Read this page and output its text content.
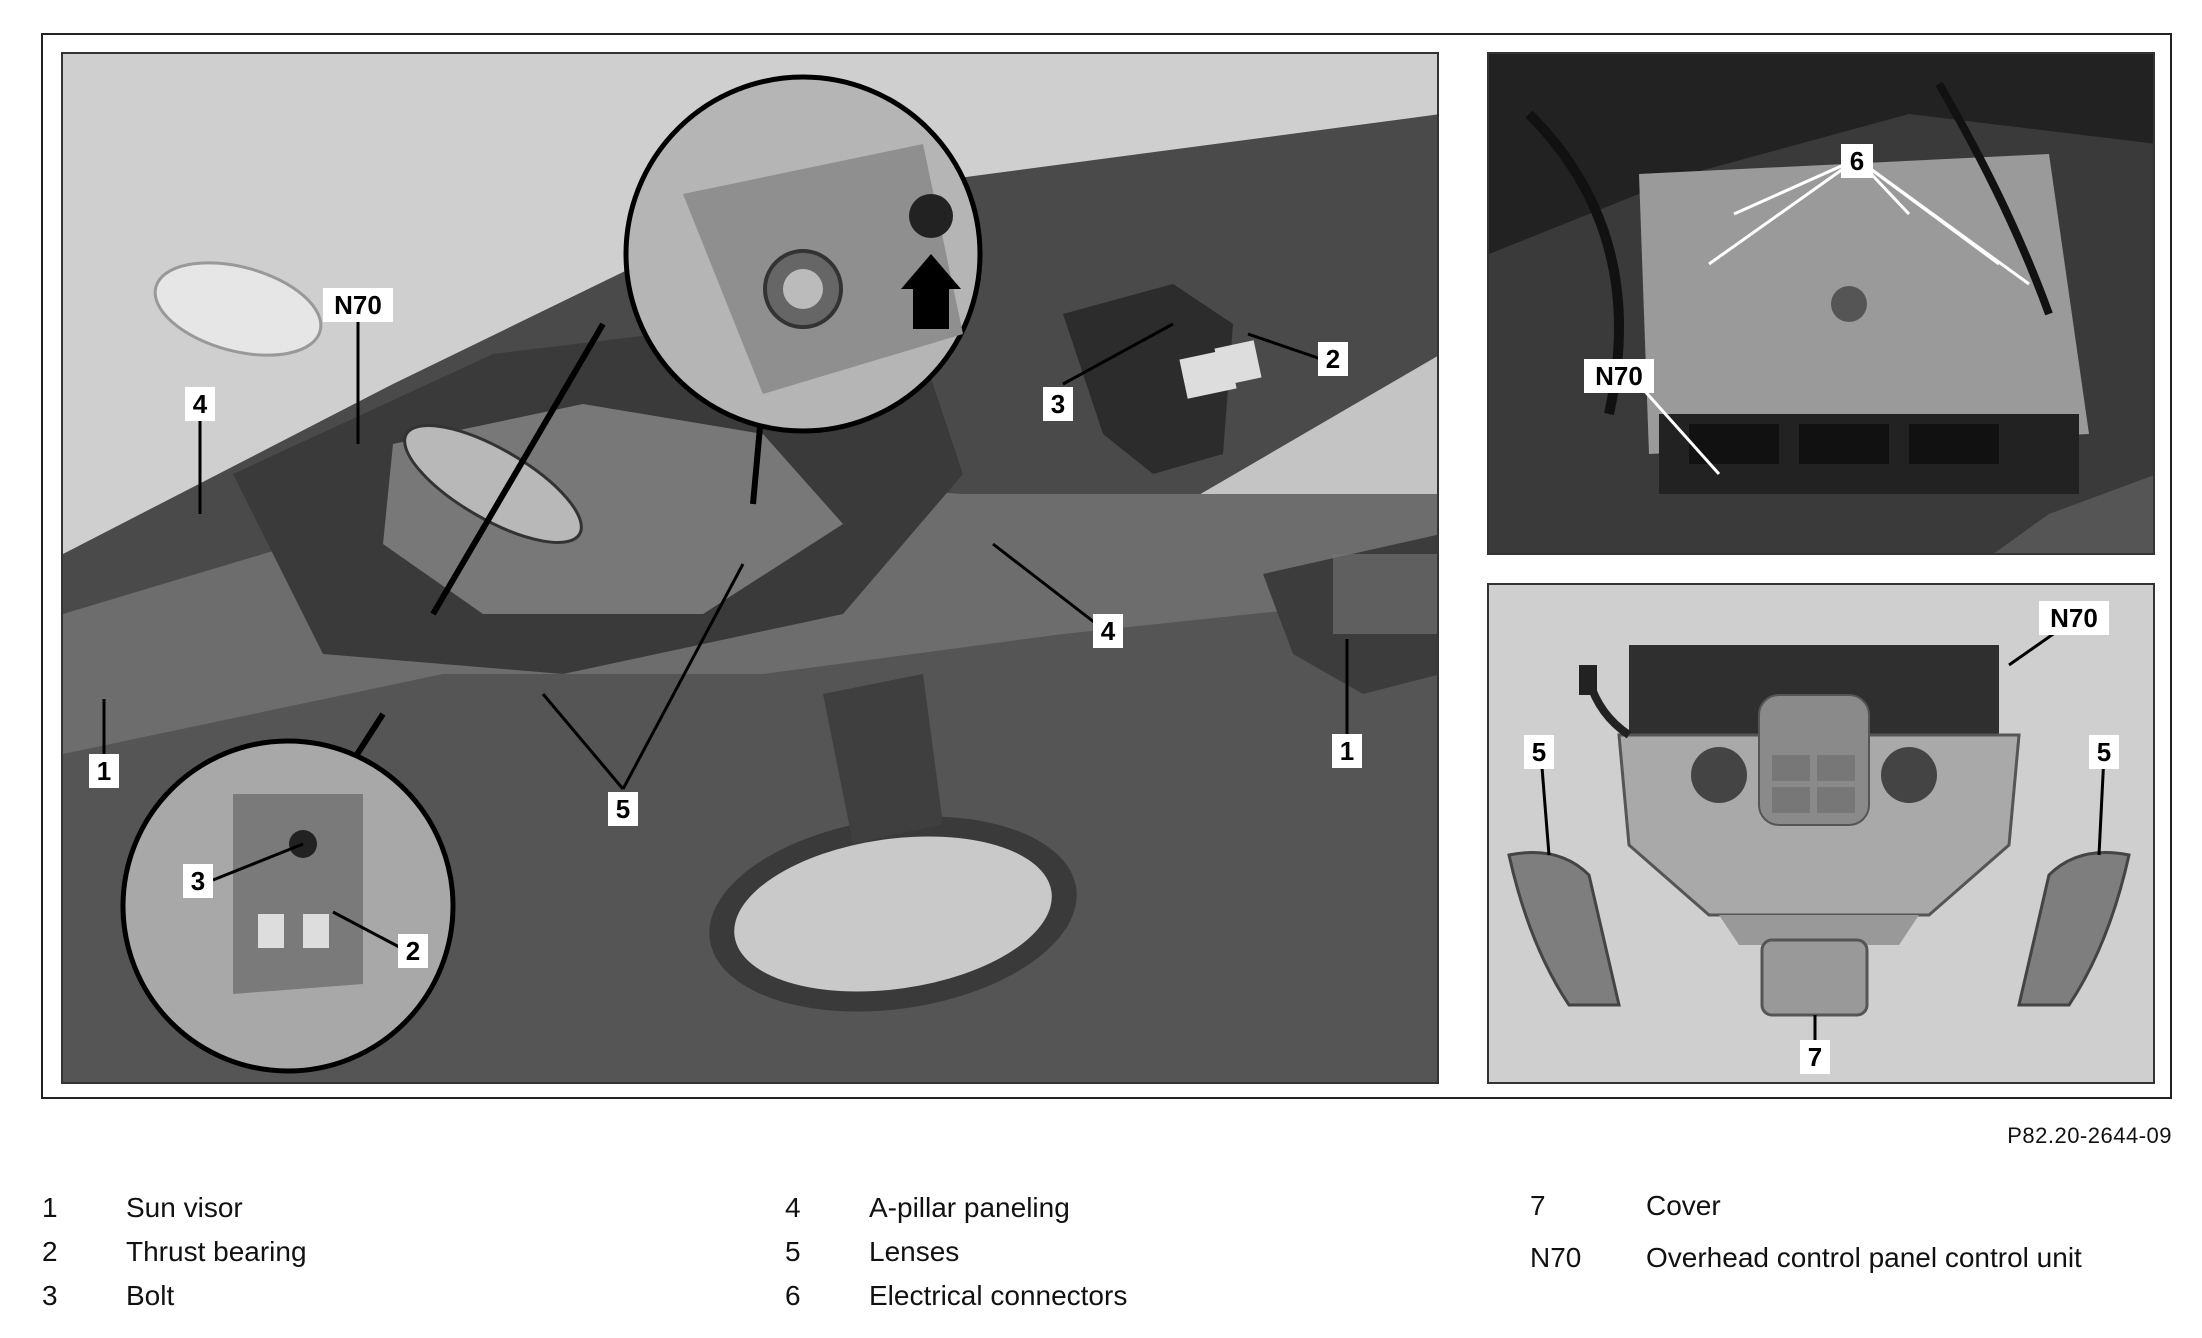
N70
4
1
2
3
4
1
5
3
2
6
N70
N70
5	5
7
P82.20-2644-09
1	Sun visor
2	Thrust bearing
3	Bolt
4	A-pillar paneling
5	Lenses
6	Electrical connectors
7	Cover
N70	Overhead control panel control unit
